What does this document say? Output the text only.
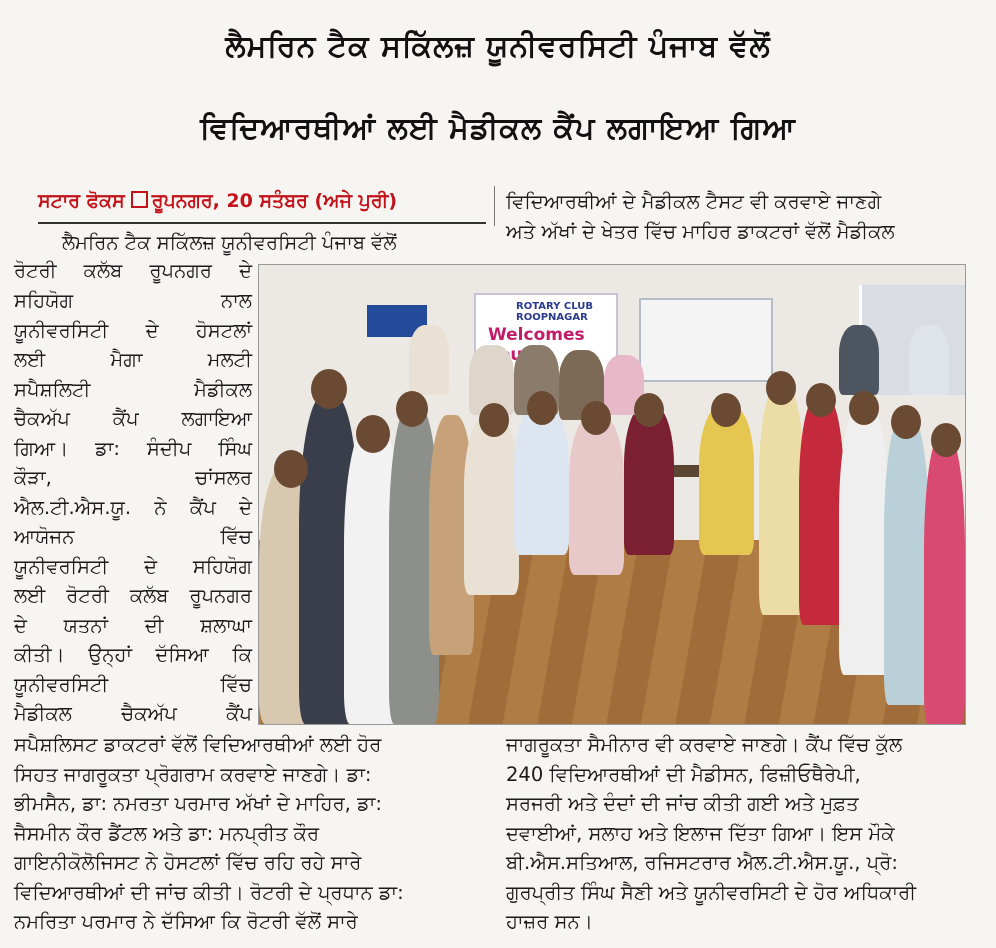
ਲੈਮਰਿਨ ਟੈਕ ਸਕਿੱਲਜ਼ ਯੂਨੀਵਰਸਿਟੀ ਪੰਜਾਬ ਵੱਲੋਂ
ਵਿਦਿਆਰਥੀਆਂ ਲਈ ਮੈਡੀਕਲ ਕੈਂਪ ਲਗਾਇਆ ਗਿਆ
ਸਟਾਰ ਫੋਕਸ ਰੂਪਨਗਰ, 20 ਸਤੰਬਰ (ਅਜੇ ਪੁਰੀ)	ਵਿਦਿਆਰਥੀਆਂ ਦੇ ਮੈਡੀਕਲ ਟੈਸਟ ਵੀ ਕਰਵਾਏ ਜਾਣਗੇ
ਅਤੇ ਅੱਖਾਂ ਦੇ ਖੇਤਰ ਵਿੱਚ ਮਾਹਿਰ ਡਾਕਟਰਾਂ ਵੱਲੋਂ ਮੈਡੀਕਲ
ਲੈਮਰਿਨ ਟੈਕ ਸਕਿੱਲਜ਼ ਯੂਨੀਵਰਸਿਟੀ ਪੰਜਾਬ ਵੱਲੋਂ
ਰੋਟਰੀ ਕਲੱਬ ਰੂਪਨਗਰ ਦੇ
ਸਹਿਯੋਗ ਨਾਲ
ਯੂਨੀਵਰਸਿਟੀ ਦੇ ਹੋਸਟਲਾਂ
ਲਈ ਮੈਗਾ ਮਲਟੀ
ਸਪੈਸ਼ਲਿਟੀ ਮੈਡੀਕਲ
ਚੈਕਅੱਪ ਕੈਂਪ ਲਗਾਇਆ
ਗਿਆ। ਡਾ: ਸੰਦੀਪ ਸਿੰਘ
ਕੌੜਾ, ਚਾਂਸਲਰ
ਐਲ.ਟੀ.ਐਸ.ਯੂ. ਨੇ ਕੈਂਪ ਦੇ
ਆਯੋਜਨ ਵਿੱਚ
ਯੂਨੀਵਰਸਿਟੀ ਦੇ ਸਹਿਯੋਗ
ਲਈ ਰੋਟਰੀ ਕਲੱਬ ਰੂਪਨਗਰ
ਦੇ ਯਤਨਾਂ ਦੀ ਸ਼ਲਾਘਾ
ਕੀਤੀ। ਉਨ੍ਹਾਂ ਦੱਸਿਆ ਕਿ
ਯੂਨੀਵਰਸਿਟੀ ਵਿੱਚ
ਮੈਡੀਕਲ ਚੈਕਅੱਪ ਕੈਂਪ
ROTARY CLUB ROOPNAGAR
Welcomes
ਸਪੈਸ਼ਲਿਸਟ ਡਾਕਟਰਾਂ ਵੱਲੋਂ ਵਿਦਿਆਰਥੀਆਂ ਲਈ ਹੋਰ
ਸਿਹਤ ਜਾਗਰੂਕਤਾ ਪ੍ਰੋਗਰਾਮ ਕਰਵਾਏ ਜਾਣਗੇ। ਡਾ:
ਭੀਮਸੈਨ, ਡਾ: ਨਮਰਤਾ ਪਰਮਾਰ ਅੱਖਾਂ ਦੇ ਮਾਹਿਰ, ਡਾ:
ਜੈਸਮੀਨ ਕੌਰ ਡੈਂਟਲ ਅਤੇ ਡਾ: ਮਨਪ੍ਰੀਤ ਕੌਰ
ਗਾਇਨੀਕੋਲੋਜਿਸਟ ਨੇ ਹੋਸਟਲਾਂ ਵਿੱਚ ਰਹਿ ਰਹੇ ਸਾਰੇ
ਵਿਦਿਆਰਥੀਆਂ ਦੀ ਜਾਂਚ ਕੀਤੀ। ਰੋਟਰੀ ਦੇ ਪ੍ਰਧਾਨ ਡਾ:
ਨਮਰਿਤਾ ਪਰਮਾਰ ਨੇ ਦੱਸਿਆ ਕਿ ਰੋਟਰੀ ਵੱਲੋਂ ਸਾਰੇ
ਜਾਗਰੂਕਤਾ ਸੈਮੀਨਾਰ ਵੀ ਕਰਵਾਏ ਜਾਣਗੇ। ਕੈਂਪ ਵਿੱਚ ਕੁੱਲ
240 ਵਿਦਿਆਰਥੀਆਂ ਦੀ ਮੈਡੀਸਨ, ਫਿਜ਼ੀਓਥੈਰੇਪੀ,
ਸਰਜਰੀ ਅਤੇ ਦੰਦਾਂ ਦੀ ਜਾਂਚ ਕੀਤੀ ਗਈ ਅਤੇ ਮੁਫ਼ਤ
ਦਵਾਈਆਂ, ਸਲਾਹ ਅਤੇ ਇਲਾਜ ਦਿੱਤਾ ਗਿਆ। ਇਸ ਮੌਕੇ
ਬੀ.ਐਸ.ਸਤਿਆਲ, ਰਜਿਸਟਰਾਰ ਐਲ.ਟੀ.ਐਸ.ਯੂ., ਪ੍ਰੋ:
ਗੁਰਪ੍ਰੀਤ ਸਿੰਘ ਸੈਣੀ ਅਤੇ ਯੂਨੀਵਰਸਿਟੀ ਦੇ ਹੋਰ ਅਧਿਕਾਰੀ
ਹਾਜ਼ਰ ਸਨ।
